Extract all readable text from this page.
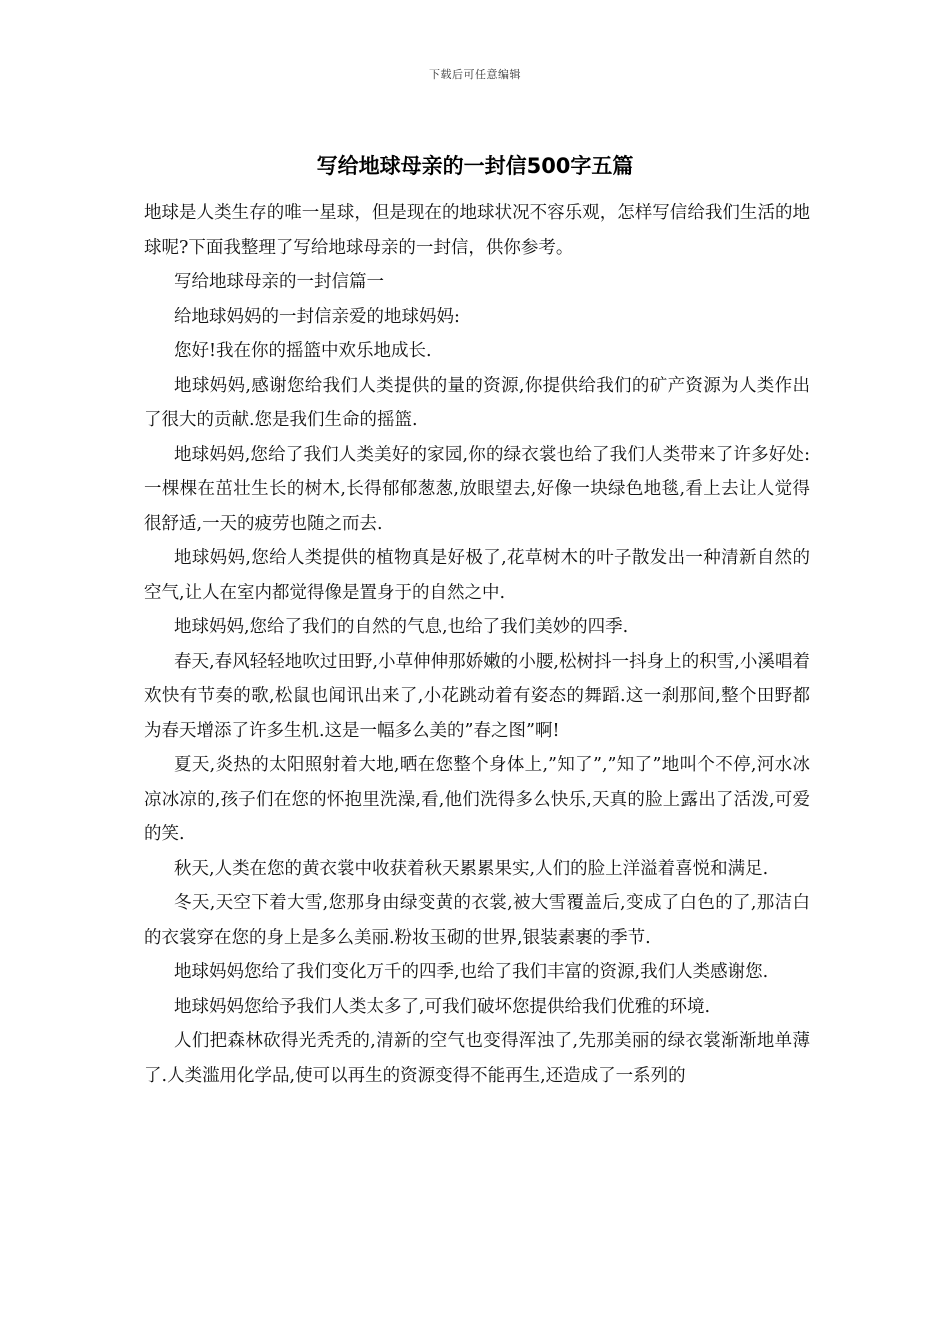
下载后可任意编辑
写给地球母亲的一封信500字五篇

地球是人类生存的唯一星球，但是现在的地球状况不容乐观，怎样写信给我们生活的地球呢?下面我整理了写给地球母亲的一封信，供你参考。

写给地球母亲的一封信篇一

给地球妈妈的一封信亲爱的地球妈妈:

您好!我在你的摇篮中欢乐地成长.

地球妈妈,感谢您给我们人类提供的量的资源,你提供给我们的矿产资源为人类作出了很大的贡献.您是我们生命的摇篮.

地球妈妈,您给了我们人类美好的家园,你的绿衣裳也给了我们人类带来了许多好处:一棵棵在茁壮生长的树木,长得郁郁葱葱,放眼望去,好像一块绿色地毯,看上去让人觉得很舒适,一天的疲劳也随之而去.

地球妈妈,您给人类提供的植物真是好极了,花草树木的叶子散发出一种清新自然的空气,让人在室内都觉得像是置身于的自然之中.

地球妈妈,您给了我们的自然的气息,也给了我们美妙的四季.

春天,春风轻轻地吹过田野,小草伸伸那娇嫩的小腰,松树抖一抖身上的积雪,小溪唱着欢快有节奏的歌,松鼠也闻讯出来了,小花跳动着有姿态的舞蹈.这一刹那间,整个田野都为春天增添了许多生机.这是一幅多么美的”春之图”啊!

夏天,炎热的太阳照射着大地,晒在您整个身体上,”知了”,”知了”地叫个不停,河水冰凉冰凉的,孩子们在您的怀抱里洗澡,看,他们洗得多么快乐,天真的脸上露出了活泼,可爱的笑.

秋天,人类在您的黄衣裳中收获着秋天累累果实,人们的脸上洋溢着喜悦和满足.

冬天,天空下着大雪,您那身由绿变黄的衣裳,被大雪覆盖后,变成了白色的了,那洁白的衣裳穿在您的身上是多么美丽.粉妆玉砌的世界,银装素裹的季节.

地球妈妈您给了我们变化万千的四季,也给了我们丰富的资源,我们人类感谢您.

地球妈妈您给予我们人类太多了,可我们破坏您提供给我们优雅的环境.

人们把森林砍得光秃秃的,清新的空气也变得浑浊了,先那美丽的绿衣裳渐渐地单薄了.人类滥用化学品,使可以再生的资源变得不能再生,还造成了一系列的
